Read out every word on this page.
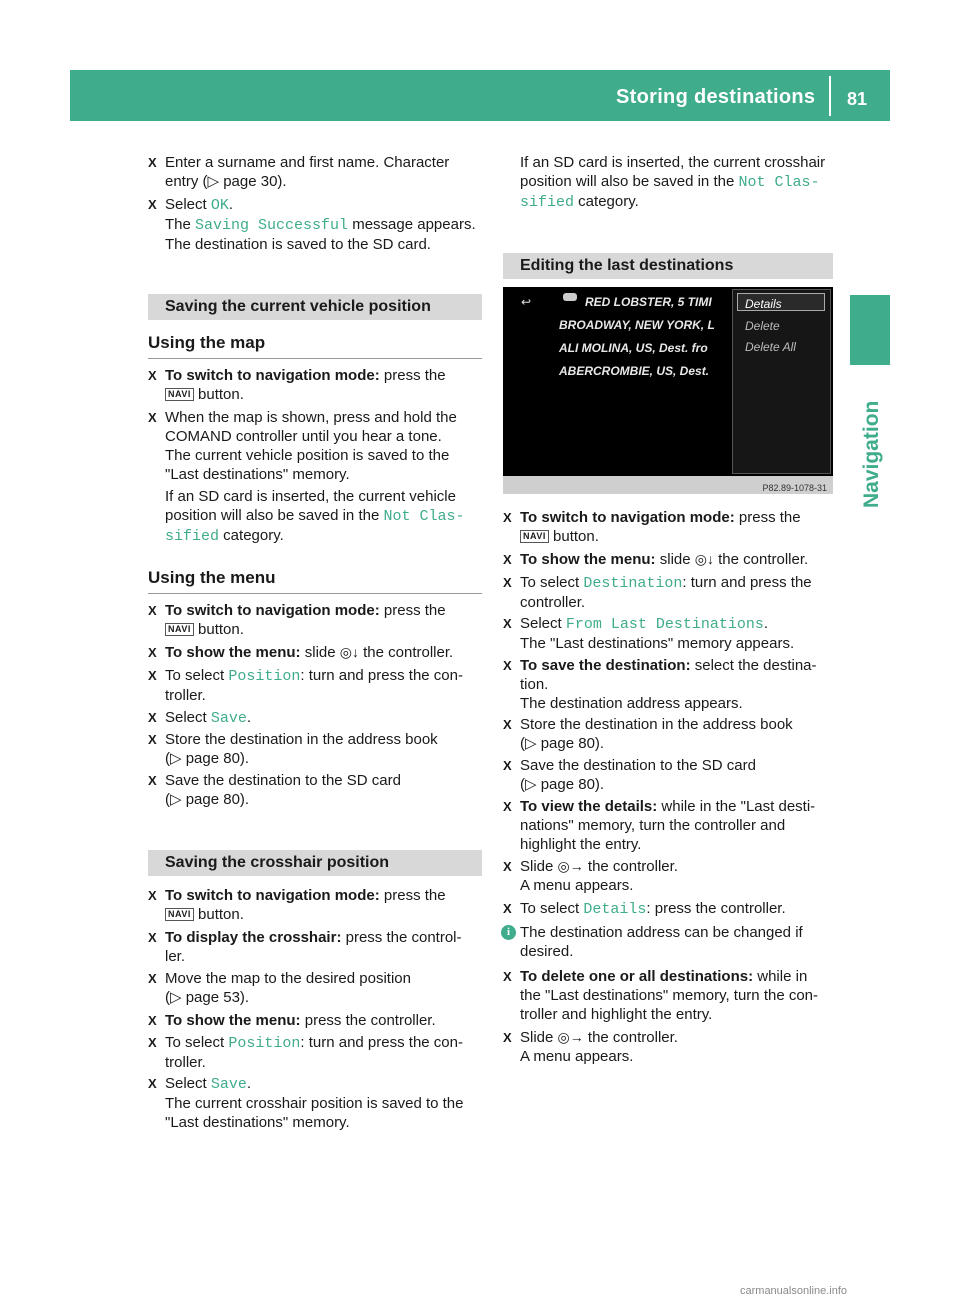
Storing destinations 81
Navigation
X Enter a surname and first name. Character entry (▷ page 30).
X Select OK.
The Saving Successful message appears.
The destination is saved to the SD card.
Saving the current vehicle position
Using the map
X To switch to navigation mode: press the
NAVI button.
X When the map is shown, press and hold the
COMAND controller until you hear a tone.
The current vehicle position is saved to the
"Last destinations" memory.
If an SD card is inserted, the current vehicle
position will also be saved in the Not Clas‐
sified category.
Using the menu
X To switch to navigation mode: press the
NAVI button.
X To show the menu: slide ◎↓ the controller.
X To select Position: turn and press the con-
troller.
X Select Save.
X Store the destination in the address book
(▷ page 80).
X Save the destination to the SD card
(▷ page 80).
Saving the crosshair position
X To switch to navigation mode: press the
NAVI button.
X To display the crosshair: press the control-
ler.
X Move the map to the desired position
(▷ page 53).
X To show the menu: press the controller.
X To select Position: turn and press the con-
troller.
X Select Save.
The current crosshair position is saved to the
"Last destinations" memory.
If an SD card is inserted, the current crosshair
position will also be saved in the Not Clas‐
sified category.
Editing the last destinations
X To switch to navigation mode: press the
NAVI button.
X To show the menu: slide ◎↓ the controller.
X To select Destination: turn and press the
controller.
X Select From Last Destinations.
The "Last destinations" memory appears.
X To save the destination: select the destina-
tion.
The destination address appears.
X Store the destination in the address book
(▷ page 80).
X Save the destination to the SD card
(▷ page 80).
X To view the details: while in the "Last desti-
nations" memory, turn the controller and
highlight the entry.
X Slide ◎→ the controller.
A menu appears.
X To select Details: press the controller.
i The destination address can be changed if
desired.
X To delete one or all destinations: while in
the "Last destinations" memory, turn the con-
troller and highlight the entry.
X Slide ◎→ the controller.
A menu appears.
↩	RED LOBSTER, 5 TIMI
BROADWAY, NEW YORK, L
ALI MOLINA, US, Dest. fro
ABERCROMBIE, US, Dest.
Details
Delete
Delete All
P82.89-1078-31
carmanualsonline.info
